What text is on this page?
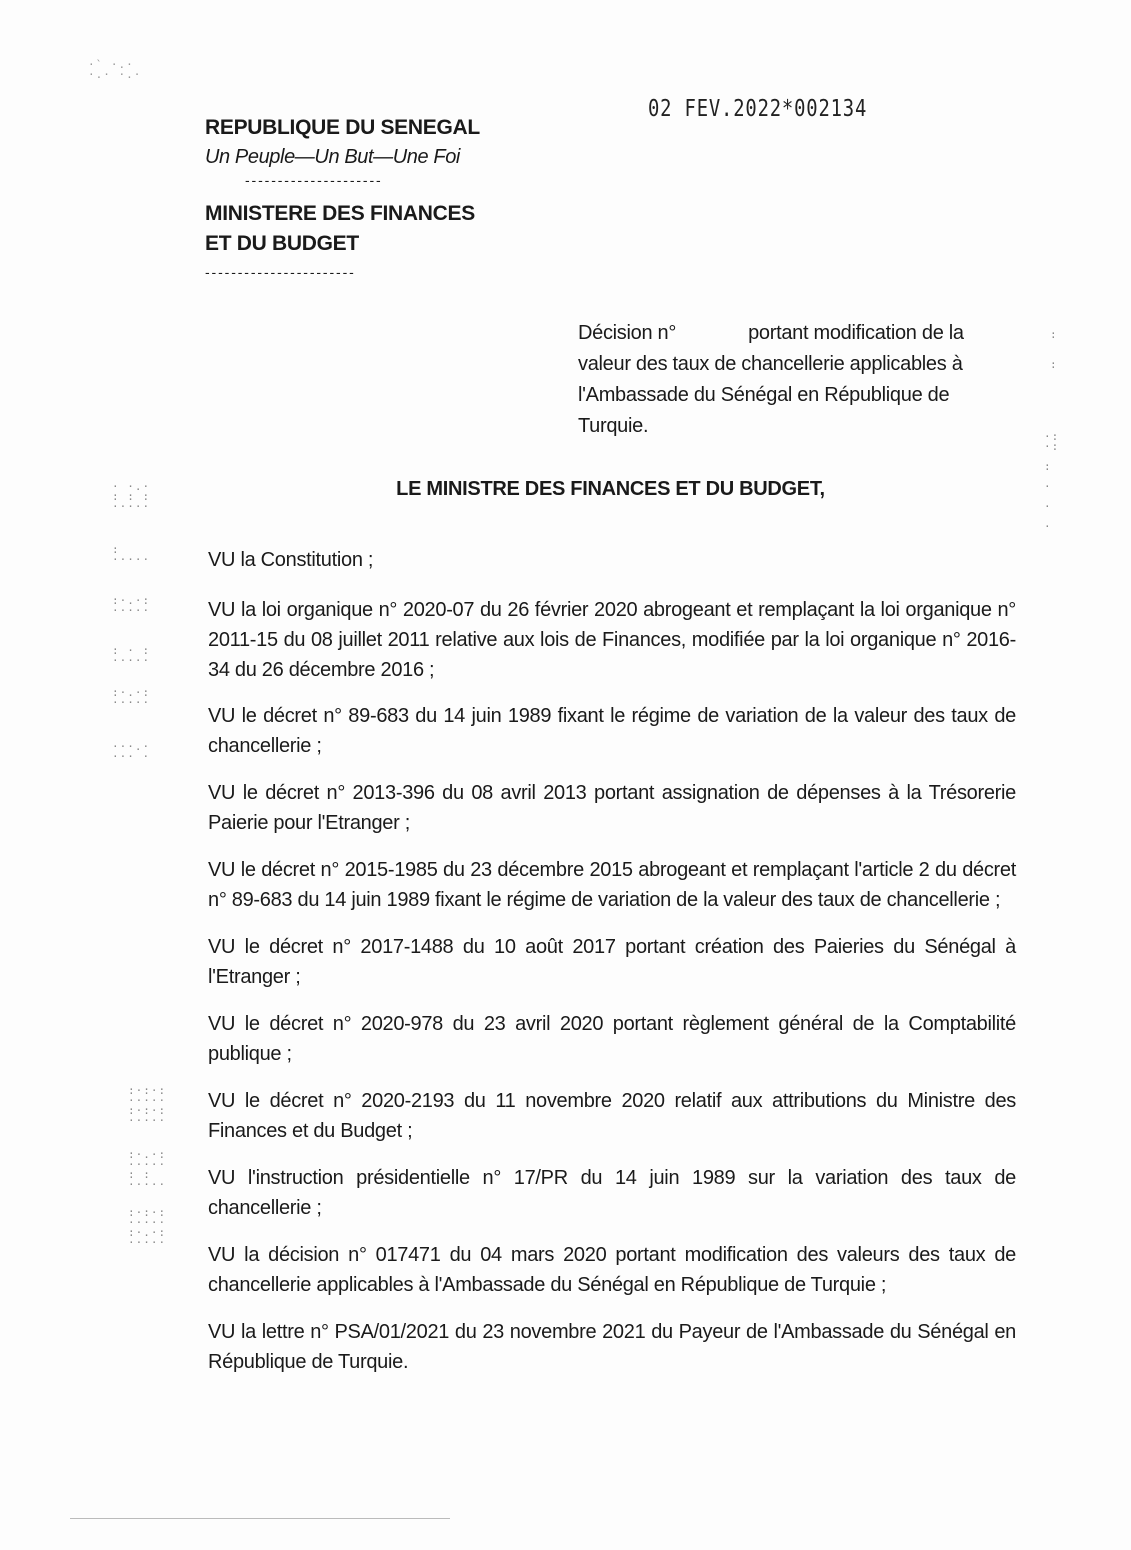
02 FEV.2022*002134
REPUBLIQUE DU SENEGAL
Un Peuple—Un But—Une Foi
- - - - - - - - - - - - - - - - - - - - -
MINISTERE DES FINANCES
ET DU BUDGET
- - - - - - - - - - - - - - - - - - - - - - -
Décision n°	portant modification de la valeur des taux de chancellerie applicables à l'Ambassade du Sénégal en République de Turquie.
LE MINISTRE DES FINANCES ET DU BUDGET,

VU la Constitution ;

VU la loi organique n° 2020-07 du 26 février 2020 abrogeant et remplaçant la loi organique n° 2011-15 du 08 juillet 2011 relative aux lois de Finances, modifiée par la loi organique n° 2016-34 du 26 décembre 2016 ;

VU le décret n° 89-683 du 14 juin 1989 fixant le régime de variation de la valeur des taux de chancellerie ;

VU le décret n° 2013-396 du 08 avril 2013 portant assignation de dépenses à la Trésorerie Paierie pour l'Etranger ;

VU le décret n° 2015-1985 du 23 décembre 2015 abrogeant et remplaçant l'article 2 du décret n° 89-683 du 14 juin 1989 fixant le régime de variation de la valeur des taux de chancellerie ;

VU le décret n° 2017-1488 du 10 août 2017 portant création des Paieries du Sénégal à l'Etranger ;

VU le décret n° 2020-978 du 23 avril 2020 portant règlement général de la Comptabilité publique ;

VU le décret n° 2020-2193 du 11 novembre 2020 relatif aux attributions du Ministre des Finances et du Budget ;

VU l'instruction présidentielle n° 17/PR du 14 juin 1989 sur la variation des taux de chancellerie ;

VU la décision n° 017471 du 04 mars 2020 portant modification des valeurs des taux de chancellerie applicables à l'Ambassade du Sénégal en République de Turquie ;

VU la lettre n° PSA/01/2021 du 23 novembre 2021 du Payeur de l'Ambassade du Sénégal en République de Turquie.

·` ·.·
·.· ·.·
· ·.·
: : :
·····
:
·····
:·.·:
·····
: · :
·····
:·.·:
·····
···.·
··· ·
:·:·:
·····
:·:·:
·····
:·.·:
·····
: :
·····
:·:·:
·····
:·.·:
·····
:

:
·:
·:

:

·

·

·
